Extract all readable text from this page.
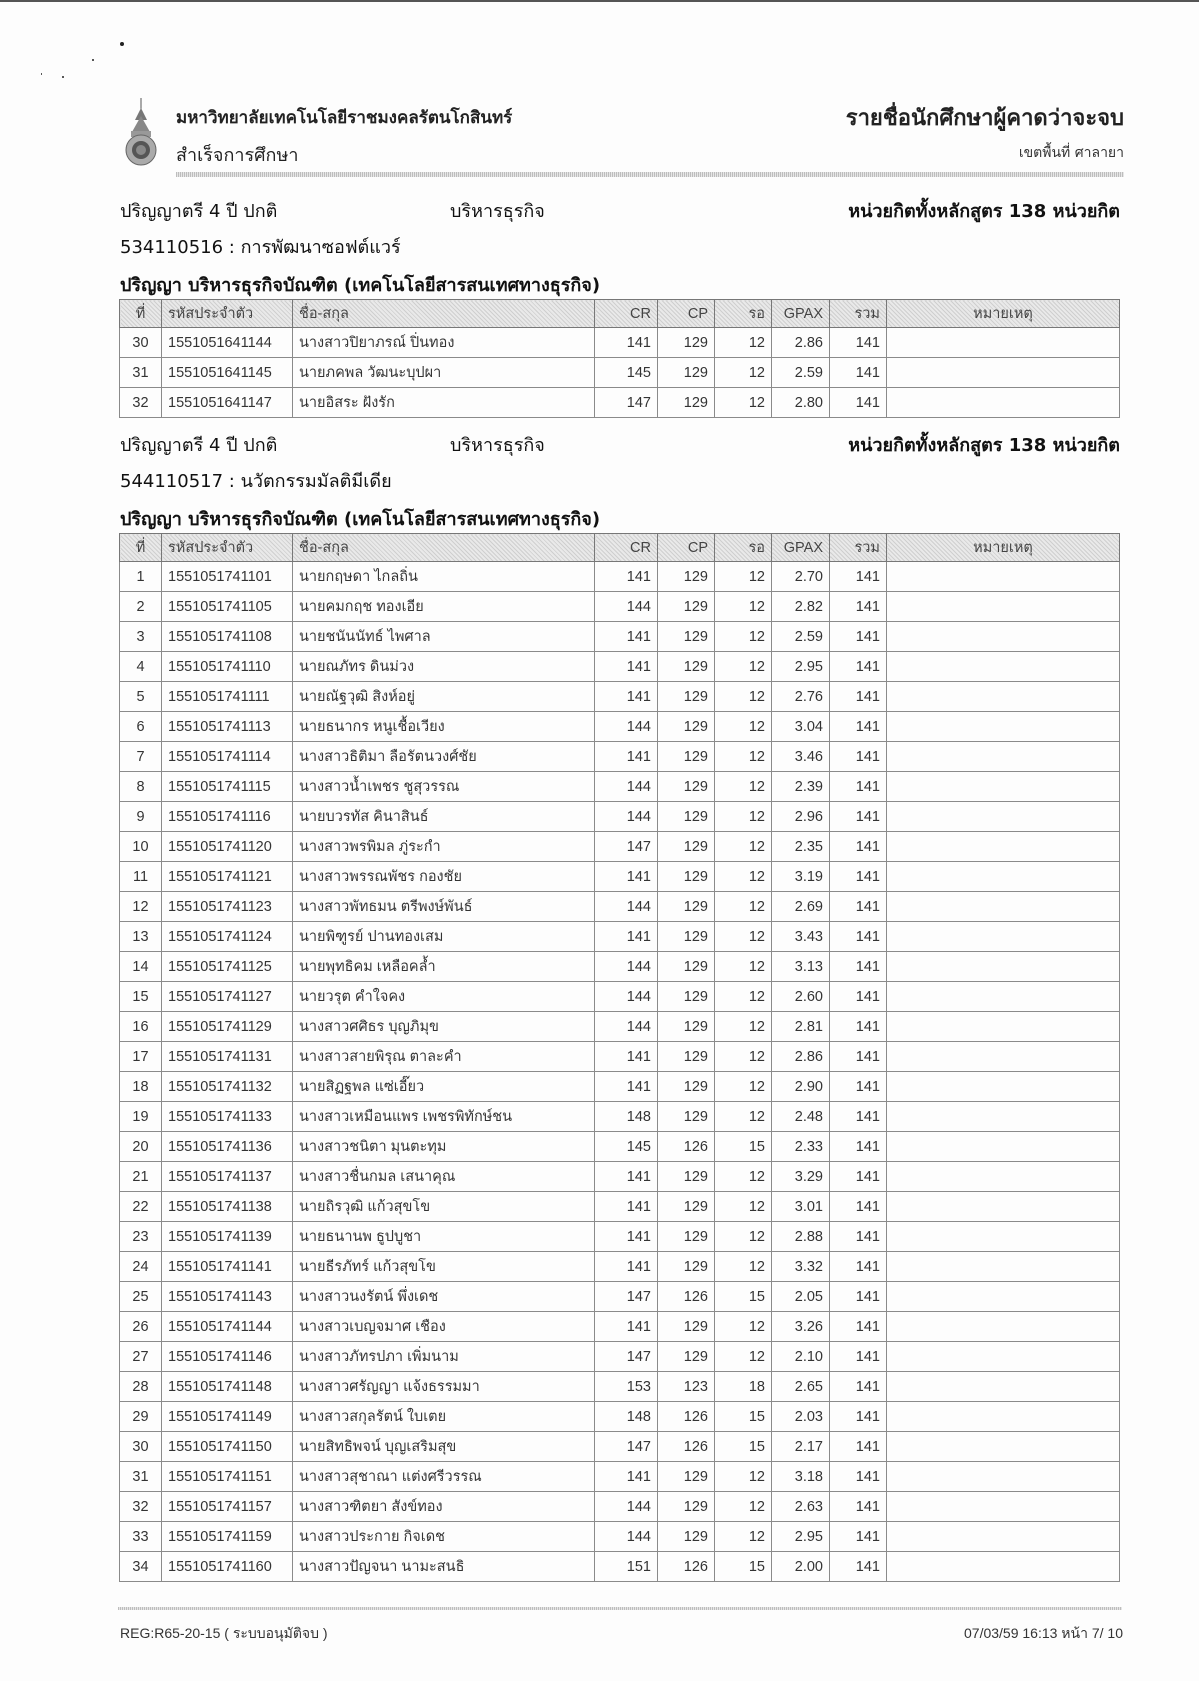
มหาวิทยาลัยเทคโนโลยีราชมงคลรัตนโกสินทร์
สำเร็จการศึกษา
รายชื่อนักศึกษาผู้คาดว่าจะจบ
เขตพื้นที่ ศาลายา
ปริญญาตรี 4 ปี ปกติ	บริหารธุรกิจ	หน่วยกิตทั้งหลักสูตร 138 หน่วยกิต
534110516 : การพัฒนาซอฟต์แวร์
ปริญญา บริหารธุรกิจบัณฑิต (เทคโนโลยีสารสนเทศทางธุรกิจ)
ที่	รหัสประจำตัว	ชื่อ-สกุล	CR	CP	รอ	GPAX	รวม	หมายเหตุ
30	1551051641144	นางสาวปิยาภรณ์ ปิ่นทอง	141	129	12	2.86	141	
31	1551051641145	นายภคพล วัฒนะบุปผา	145	129	12	2.59	141	
32	1551051641147	นายอิสระ ฝังรัก	147	129	12	2.80	141	
ปริญญาตรี 4 ปี ปกติ	บริหารธุรกิจ	หน่วยกิตทั้งหลักสูตร 138 หน่วยกิต
544110517 : นวัตกรรมมัลติมีเดีย
ปริญญา บริหารธุรกิจบัณฑิต (เทคโนโลยีสารสนเทศทางธุรกิจ)
ที่	รหัสประจำตัว	ชื่อ-สกุล	CR	CP	รอ	GPAX	รวม	หมายเหตุ
1	1551051741101	นายกฤษดา ไกลถิ่น	141	129	12	2.70	141	
2	1551051741105	นายคมกฤช ทองเอีย	144	129	12	2.82	141	
3	1551051741108	นายชนันนัทธ์ ไพศาล	141	129	12	2.59	141	
4	1551051741110	นายณภัทร ดินม่วง	141	129	12	2.95	141	
5	1551051741111	นายณัฐวุฒิ สิงห์อยู่	141	129	12	2.76	141	
6	1551051741113	นายธนากร หนูเชื้อเวียง	144	129	12	3.04	141	
7	1551051741114	นางสาวธิติมา ลือรัตนวงศ์ชัย	141	129	12	3.46	141	
8	1551051741115	นางสาวน้ำเพชร ชูสุวรรณ	144	129	12	2.39	141	
9	1551051741116	นายบวรทัส คินาสินธ์	144	129	12	2.96	141	
10	1551051741120	นางสาวพรพิมล ภู่ระกำ	147	129	12	2.35	141	
11	1551051741121	นางสาวพรรณพัชร กองชัย	141	129	12	3.19	141	
12	1551051741123	นางสาวพัทธมน ตรีพงษ์พันธ์	144	129	12	2.69	141	
13	1551051741124	นายพิฑูรย์ ปานทองเสม	141	129	12	3.43	141	
14	1551051741125	นายพุทธิคม เหลือคล้ำ	144	129	12	3.13	141	
15	1551051741127	นายวรุต คำใจคง	144	129	12	2.60	141	
16	1551051741129	นางสาวศศิธร บุญภิมุข	144	129	12	2.81	141	
17	1551051741131	นางสาวสายพิรุณ ตาละคำ	141	129	12	2.86	141	
18	1551051741132	นายสิฏฐพล แซ่เอี๊ยว	141	129	12	2.90	141	
19	1551051741133	นางสาวเหมือนแพร เพชรพิทักษ์ชน	148	129	12	2.48	141	
20	1551051741136	นางสาวชนิตา มุนตะทุม	145	126	15	2.33	141	
21	1551051741137	นางสาวชื่นกมล เสนาคุณ	141	129	12	3.29	141	
22	1551051741138	นายถิรวุฒิ แก้วสุขโข	141	129	12	3.01	141	
23	1551051741139	นายธนานพ ธูปบูชา	141	129	12	2.88	141	
24	1551051741141	นายธีรภัทร์ แก้วสุขโข	141	129	12	3.32	141	
25	1551051741143	นางสาวนงรัตน์ พึ่งเดช	147	126	15	2.05	141	
26	1551051741144	นางสาวเบญจมาศ เชือง	141	129	12	3.26	141	
27	1551051741146	นางสาวภัทรปภา เพิ่มนาม	147	129	12	2.10	141	
28	1551051741148	นางสาวศรัญญา แจ้งธรรมมา	153	123	18	2.65	141	
29	1551051741149	นางสาวสกุลรัตน์ ใบเตย	148	126	15	2.03	141	
30	1551051741150	นายสิทธิพจน์ บุญเสริมสุข	147	126	15	2.17	141	
31	1551051741151	นางสาวสุชาณา แต่งศรีวรรณ	141	129	12	3.18	141	
32	1551051741157	นางสาวฑิตยา สังข์ทอง	144	129	12	2.63	141	
33	1551051741159	นางสาวประกาย กิจเดช	144	129	12	2.95	141	
34	1551051741160	นางสาวปัญจนา นามะสนธิ	151	126	15	2.00	141	
REG:R65-20-15 ( ระบบอนุมัติจบ )	07/03/59 16:13 หน้า 7/ 10
